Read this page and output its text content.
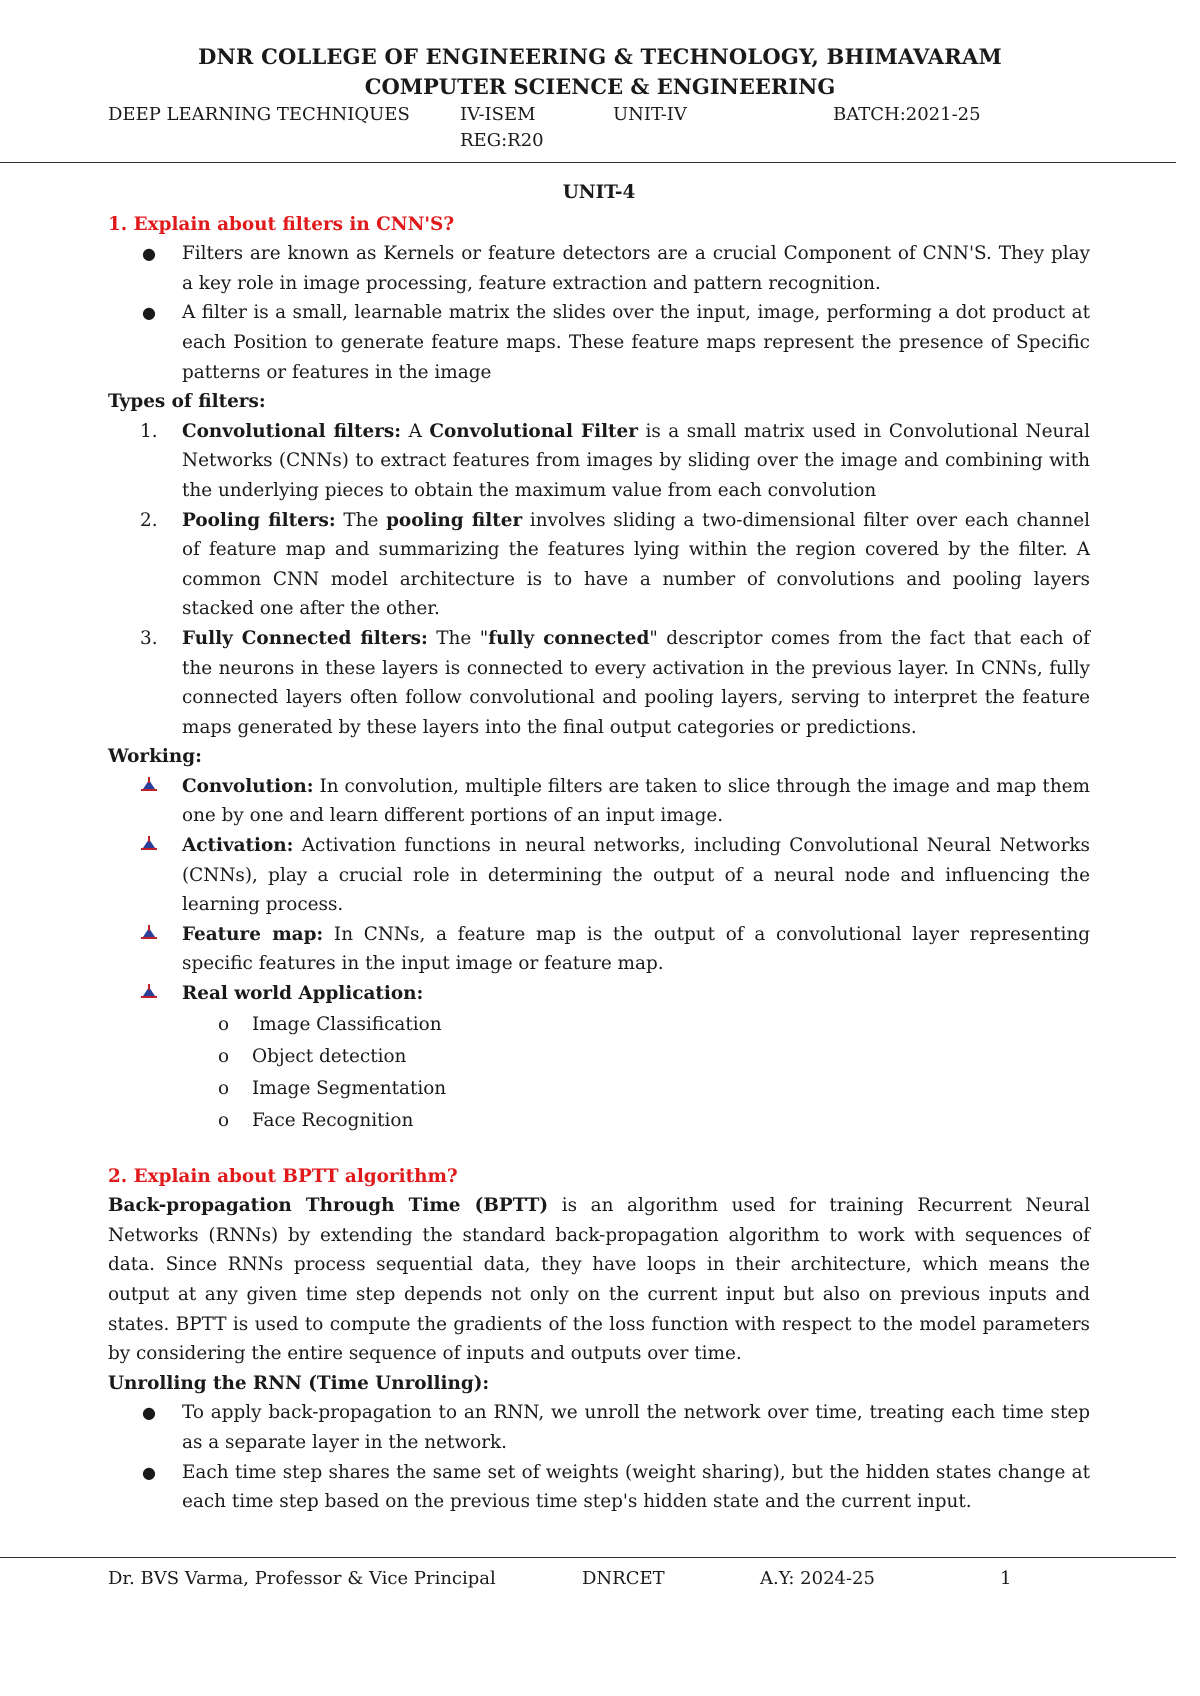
DNR COLLEGE OF ENGINEERING & TECHNOLOGY, BHIMAVARAM
COMPUTER SCIENCE & ENGINEERING
DEEP LEARNING TECHNIQUES	IV-ISEM	UNIT-IV	BATCH:2021-25
REG:R20

UNIT-4

1. Explain about filters in CNN'S?

● Filters are known as Kernels or feature detectors are a crucial Component of CNN'S. They play a key role in image processing, feature extraction and pattern recognition.
● A filter is a small, learnable matrix the slides over the input, image, performing a dot product at each Position to generate feature maps. These feature maps represent the presence of Specific patterns or features in the image

Types of filters:

1. Convolutional filters: A Convolutional Filter is a small matrix used in Convolutional Neural Networks (CNNs) to extract features from images by sliding over the image and combining with the underlying pieces to obtain the maximum value from each convolution
2. Pooling filters: The pooling filter involves sliding a two-dimensional filter over each channel of feature map and summarizing the features lying within the region covered by the filter. A common CNN model architecture is to have a number of convolutions and pooling layers stacked one after the other.
3. Fully Connected filters: The "fully connected" descriptor comes from the fact that each of the neurons in these layers is connected to every activation in the previous layer. In CNNs, fully connected layers often follow convolutional and pooling layers, serving to interpret the feature maps generated by these layers into the final output categories or predictions.

Working:

Convolution: In convolution, multiple filters are taken to slice through the image and map them one by one and learn different portions of an input image.
Activation: Activation functions in neural networks, including Convolutional Neural Networks (CNNs), play a crucial role in determining the output of a neural node and influencing the learning process.
Feature map: In CNNs, a feature map is the output of a convolutional layer representing specific features in the input image or feature map.
Real world Application:
o Image Classification
o Object detection
o Image Segmentation
o Face Recognition

2. Explain about BPTT algorithm?

Back-propagation Through Time (BPTT) is an algorithm used for training Recurrent Neural Networks (RNNs) by extending the standard back-propagation algorithm to work with sequences of data. Since RNNs process sequential data, they have loops in their architecture, which means the output at any given time step depends not only on the current input but also on previous inputs and states. BPTT is used to compute the gradients of the loss function with respect to the model parameters by considering the entire sequence of inputs and outputs over time.

Unrolling the RNN (Time Unrolling):

● To apply back-propagation to an RNN, we unroll the network over time, treating each time step as a separate layer in the network.
● Each time step shares the same set of weights (weight sharing), but the hidden states change at each time step based on the previous time step's hidden state and the current input.
Dr. BVS Varma, Professor & Vice Principal	DNRCET	A.Y: 2024-25	1
